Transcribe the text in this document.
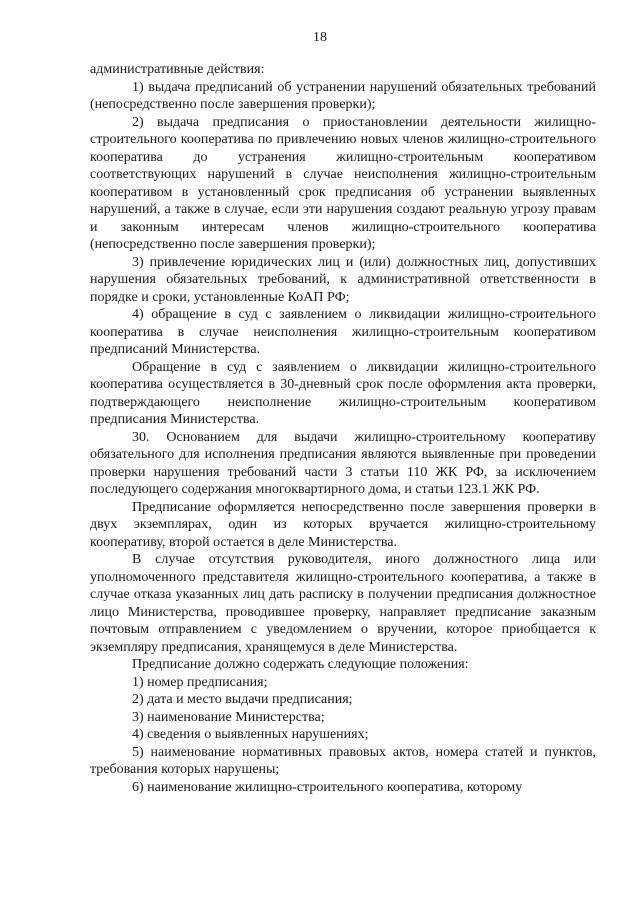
18

административные действия:

1) выдача предписаний об устранении нарушений обязательных требований (непосредственно после завершения проверки);

2) выдача предписания о приостановлении деятельности жилищно-строительного кооператива по привлечению новых членов жилищно-строительного кооператива до устранения жилищно-строительным кооперативом соответствующих нарушений в случае неисполнения жилищно-строительным кооперативом в установленный срок предписания об устранении выявленных нарушений, а также в случае, если эти нарушения создают реальную угрозу правам и законным интересам членов жилищно-строительного кооператива (непосредственно после завершения проверки);

3) привлечение юридических лиц и (или) должностных лиц, допустивших нарушения обязательных требований, к административной ответственности в порядке и сроки, установленные КоАП РФ;

4) обращение в суд с заявлением о ликвидации жилищно-строительного кооператива в случае неисполнения жилищно-строительным кооперативом предписаний Министерства.

Обращение в суд с заявлением о ликвидации жилищно-строительного кооператива осуществляется в 30-дневный срок после оформления акта проверки, подтверждающего неисполнение жилищно-строительным кооперативом предписания Министерства.

30. Основанием для выдачи жилищно-строительному кооперативу обязательного для исполнения предписания являются выявленные при проведении проверки нарушения требований части 3 статьи 110 ЖК РФ, за исключением последующего содержания многоквартирного дома, и статьи 123.1 ЖК РФ.

Предписание оформляется непосредственно после завершения проверки в двух экземплярах, один из которых вручается жилищно-строительному кооперативу, второй остается в деле Министерства.

В случае отсутствия руководителя, иного должностного лица или уполномоченного представителя жилищно-строительного кооператива, а также в случае отказа указанных лиц дать расписку в получении предписания должностное лицо Министерства, проводившее проверку, направляет предписание заказным почтовым отправлением с уведомлением о вручении, которое приобщается к экземпляру предписания, хранящемуся в деле Министерства.

Предписание должно содержать следующие положения:

1) номер предписания;

2) дата и место выдачи предписания;

3) наименование Министерства;

4) сведения о выявленных нарушениях;

5) наименование нормативных правовых актов, номера статей и пунктов, требования которых нарушены;

6) наименование жилищно-строительного кооператива, которому
